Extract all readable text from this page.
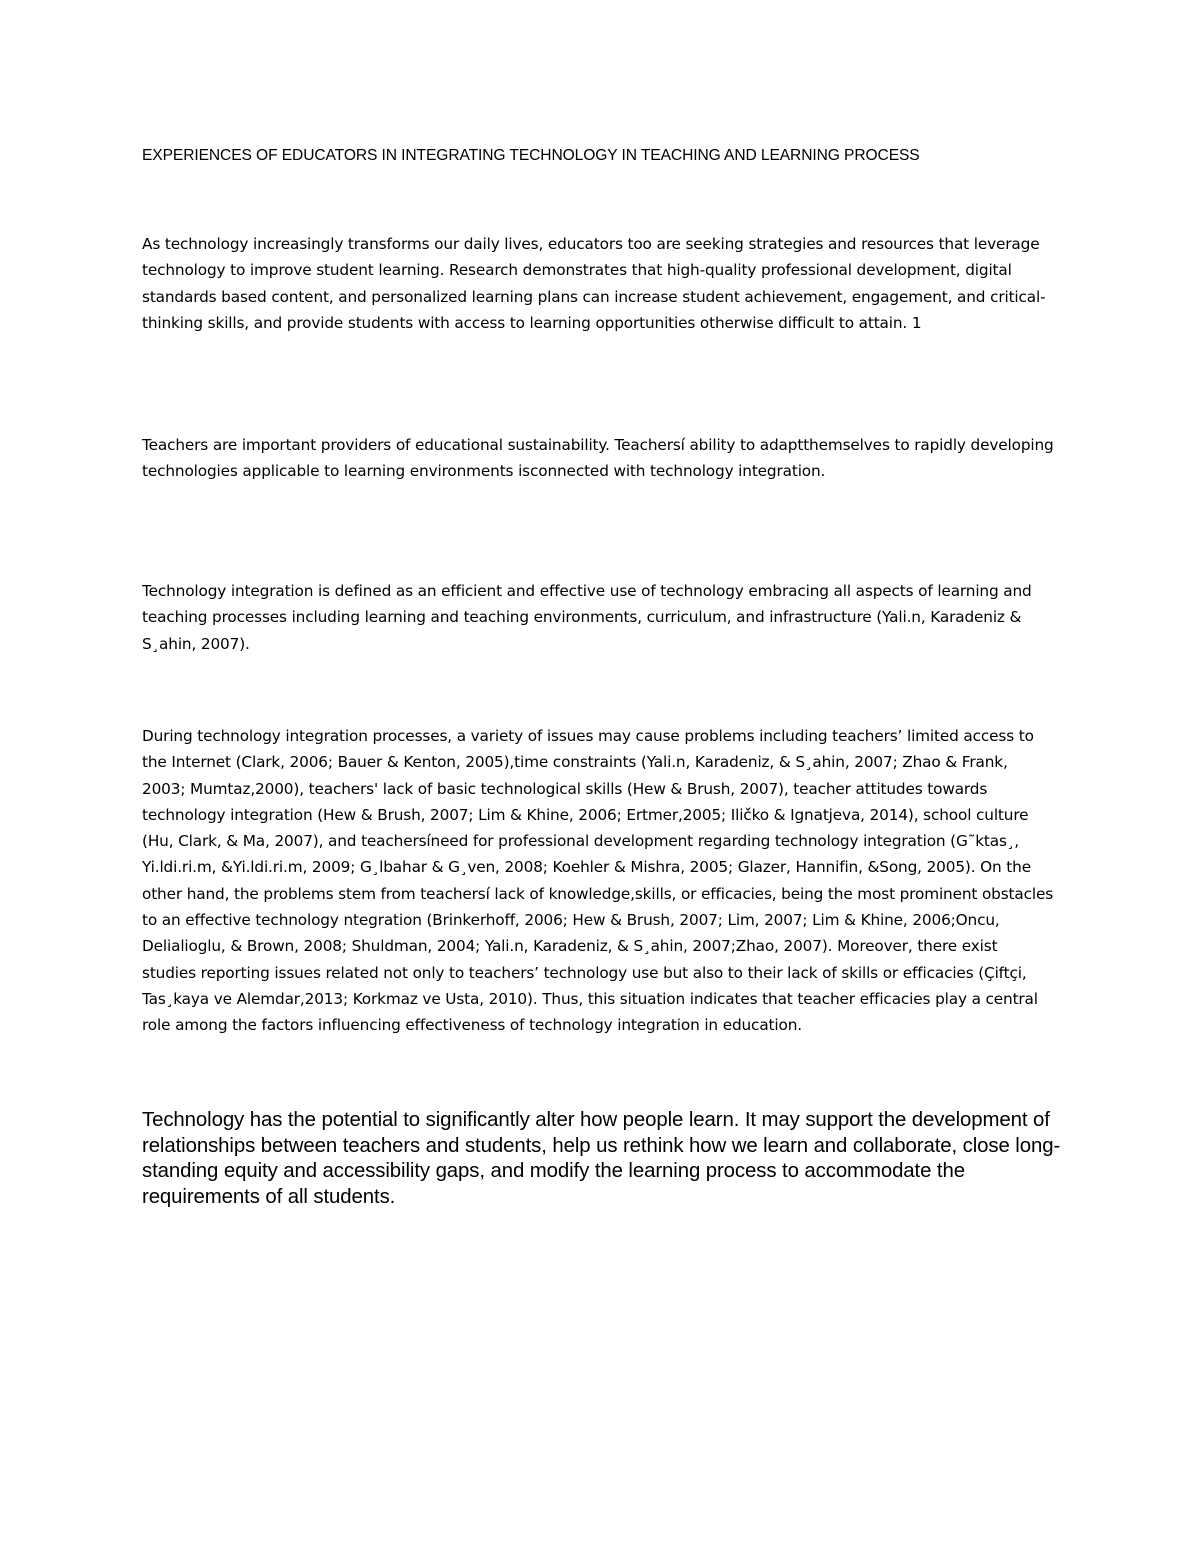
EXPERIENCES OF EDUCATORS IN INTEGRATING TECHNOLOGY IN TEACHING AND LEARNING PROCESS

As technology increasingly transforms our daily lives, educators too are seeking strategies and resources that leverage technology to improve student learning. Research demonstrates that high-quality professional development, digital standards based content, and personalized learning plans can increase student achievement, engagement, and critical-thinking skills, and provide students with access to learning opportunities otherwise difficult to attain. 1

Teachers are important providers of educational sustainability. Teachersí ability to adaptthemselves to rapidly developing technologies applicable to learning environments isconnected with technology integration.

Technology integration is defined as an efficient and effective use of technology embracing all aspects of learning and teaching processes including learning and teaching environments, curriculum, and infrastructure (Yali.n, Karadeniz & S¸ahin, 2007).

During technology integration processes, a variety of issues may cause problems including teachers’ limited access to the Internet (Clark, 2006; Bauer & Kenton, 2005),time constraints (Yali.n, Karadeniz, & S¸ahin, 2007; Zhao & Frank, 2003; Mumtaz,2000), teachers' lack of basic technological skills (Hew & Brush, 2007), teacher attitudes towards technology integration (Hew & Brush, 2007; Lim & Khine, 2006; Ertmer,2005; Ilić̌ko & Ignatjeva, 2014), school culture (Hu, Clark, & Ma, 2007), and teachersíneed for professional development regarding technology integration (G˜ktas¸, Yi.ldi.ri.m, &Yi.ldi.ri.m, 2009; G¸lbahar & G¸ven, 2008; Koehler & Mishra, 2005; Glazer, Hannifin, &Song, 2005). On the other hand, the problems stem from teachersí lack of knowledge,skills, or efficacies, being the most prominent obstacles to an effective technology ntegration (Brinkerhoff, 2006; Hew & Brush, 2007; Lim, 2007; Lim & Khine, 2006;Oncu, Delialioglu, & Brown, 2008; Shuldman, 2004; Yali.n, Karadeniz, & S¸ahin, 2007;Zhao, 2007). Moreover, there exist studies reporting issues related not only to teachers’ technology use but also to their lack of skills or efficacies (Çiftçi, Tas¸kaya ve Alemdar,2013; Korkmaz ve Usta, 2010). Thus, this situation indicates that teacher efficacies play a central role among the factors influencing effectiveness of technology integration in education.

Technology has the potential to significantly alter how people learn. It may support the development of relationships between teachers and students, help us rethink how we learn and collaborate, close long-standing equity and accessibility gaps, and modify the learning process to accommodate the requirements of all students.
